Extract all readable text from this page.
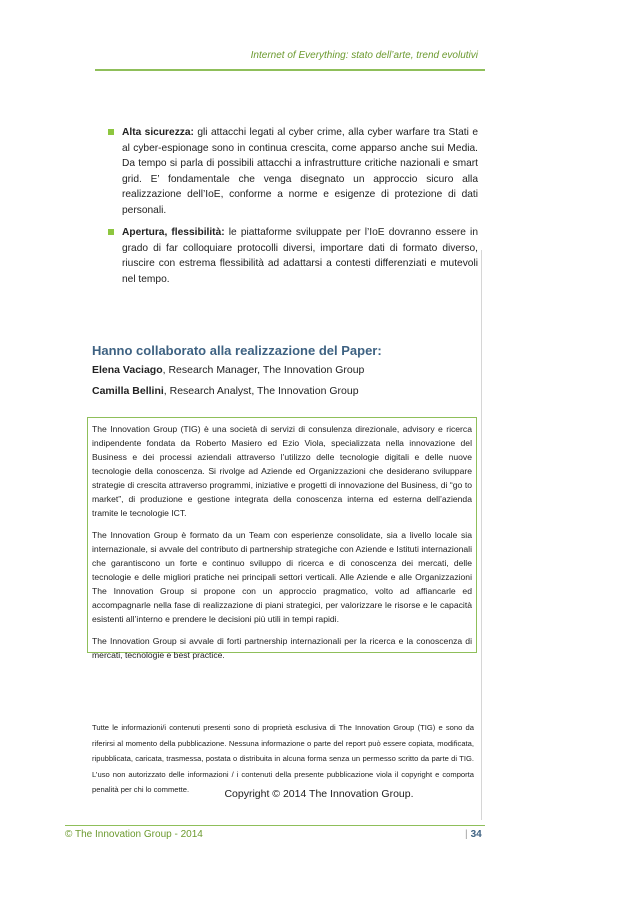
Internet of Everything: stato dell’arte, trend evolutivi
Alta sicurezza: gli attacchi legati al cyber crime, alla cyber warfare tra Stati e al cyber-espionage sono in continua crescita, come apparso anche sui Media. Da tempo si parla di possibili attacchi a infrastrutture critiche nazionali e smart grid. E’ fondamentale che venga disegnato un approccio sicuro alla realizzazione dell’IoE, conforme a norme e esigenze di protezione di dati personali.
Apertura, flessibilità: le piattaforme sviluppate per l’IoE dovranno essere in grado di far colloquiare protocolli diversi, importare dati di formato diverso, riuscire con estrema flessibilità ad adattarsi a contesti differenziati e mutevoli nel tempo.
Hanno collaborato alla realizzazione del Paper:
Elena Vaciago, Research Manager, The Innovation Group
Camilla Bellini, Research Analyst, The Innovation Group

The Innovation Group (TIG) è una società di servizi di consulenza direzionale, advisory e ricerca indipendente fondata da Roberto Masiero ed Ezio Viola, specializzata nella innovazione del Business e dei processi aziendali attraverso l’utilizzo delle tecnologie digitali e delle nuove tecnologie della conoscenza. Si rivolge ad Aziende ed Organizzazioni che desiderano sviluppare strategie di crescita attraverso programmi, iniziative e progetti di innovazione del Business, di “go to market”, di produzione e gestione integrata della conoscenza interna ed esterna dell’azienda tramite le tecnologie ICT.

The Innovation Group è formato da un Team con esperienze consolidate, sia a livello locale sia internazionale, si avvale del contributo di partnership strategiche con Aziende e Istituti internazionali che garantiscono un forte e continuo sviluppo di ricerca e di conoscenza dei mercati, delle tecnologie e delle migliori pratiche nei principali settori verticali. Alle Aziende e alle Organizzazioni The Innovation Group si propone con un approccio pragmatico, volto ad affiancarle ed accompagnarle nella fase di realizzazione di piani strategici, per valorizzare le risorse e le capacità esistenti all’interno e prendere le decisioni più utili in tempi rapidi.

The Innovation Group si avvale di forti partnership internazionali per la ricerca e la conoscenza di mercati, tecnologie e best practice.

Tutte le informazioni/i contenuti presenti sono di proprietà esclusiva di The Innovation Group (TIG) e sono da riferirsi al momento della pubblicazione. Nessuna informazione o parte del report può essere copiata, modificata, ripubblicata, caricata, trasmessa, postata o distribuita in alcuna forma senza un permesso scritto da parte di TIG. L’uso non autorizzato delle informazioni / i contenuti della presente pubblicazione viola il copyright e comporta penalità per chi lo commette.	Copyright © 2014 The Innovation Group.
© The Innovation Group - 2014	| 34
